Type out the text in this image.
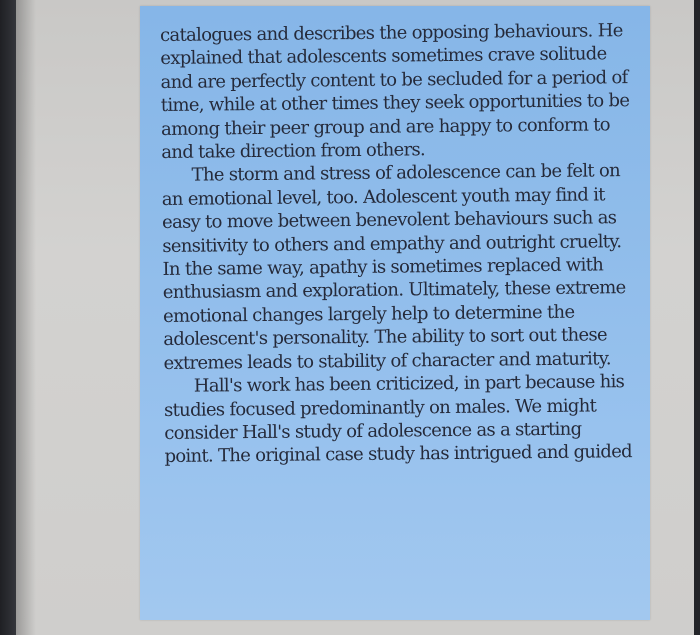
catalogues and describes the opposing behaviours. He
explained that adolescents sometimes crave solitude
and are perfectly content to be secluded for a period of
time, while at other times they seek opportunities to be
among their peer group and are happy to conform to
and take direction from others.
The storm and stress of adolescence can be felt on
an emotional level, too. Adolescent youth may find it
easy to move between benevolent behaviours such as
sensitivity to others and empathy and outright cruelty.
In the same way, apathy is sometimes replaced with
enthusiasm and exploration. Ultimately, these extreme
emotional changes largely help to determine the
adolescent's personality. The ability to sort out these
extremes leads to stability of character and maturity.
Hall's work has been criticized, in part because his
studies focused predominantly on males. We might
consider Hall's study of adolescence as a starting
point. The original case study has intrigued and guided
